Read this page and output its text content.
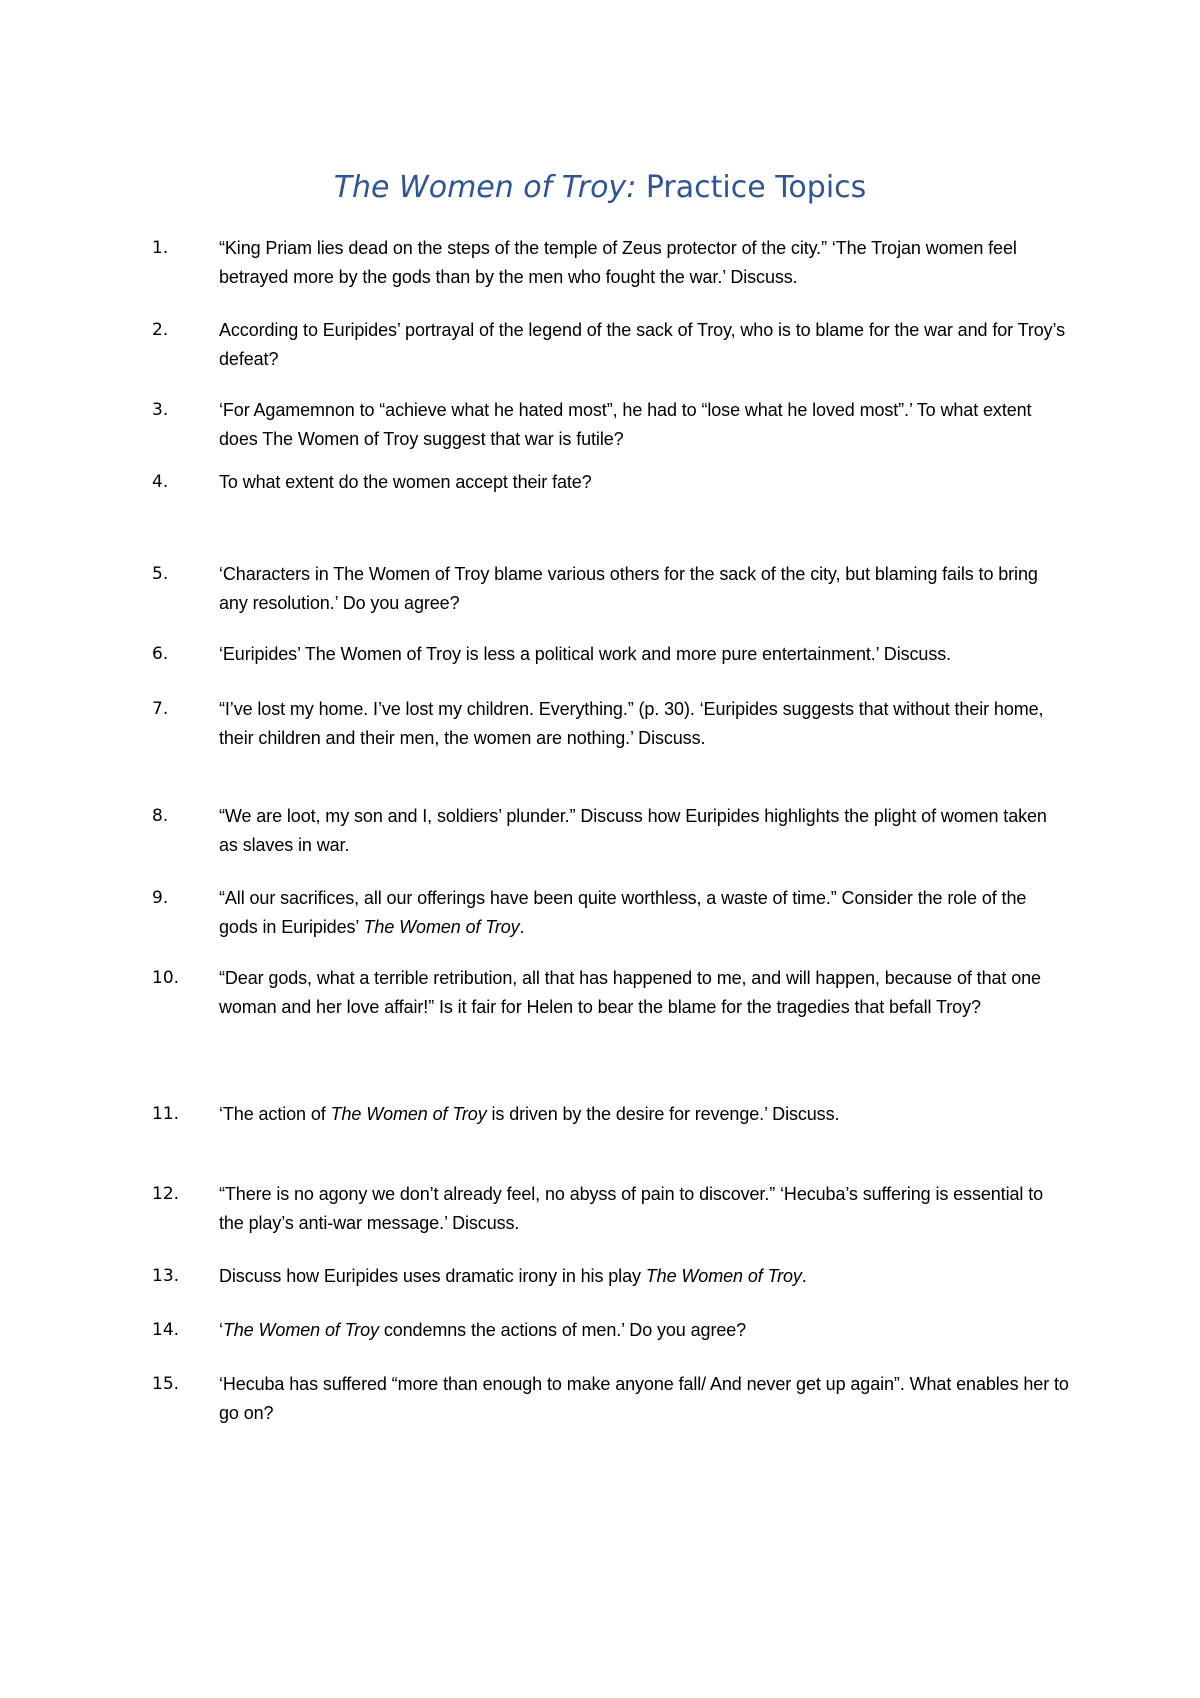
The Women of Troy: Practice Topics
1.	“King Priam lies dead on the steps of the temple of Zeus protector of the city.” ‘The Trojan women feel betrayed more by the gods than by the men who fought the war.’ Discuss.
2.	According to Euripides’ portrayal of the legend of the sack of Troy, who is to blame for the war and for Troy’s defeat?
3.	‘For Agamemnon to “achieve what he hated most”, he had to “lose what he loved most”.’ To what extent does The Women of Troy suggest that war is futile?
4.	To what extent do the women accept their fate?
5.	‘Characters in The Women of Troy blame various others for the sack of the city, but blaming fails to bring any resolution.’ Do you agree?
6.	‘Euripides’ The Women of Troy is less a political work and more pure entertainment.’ Discuss.
7.	“I’ve lost my home. I’ve lost my children. Everything.” (p. 30). ‘Euripides suggests that without their home, their children and their men, the women are nothing.’ Discuss.
8.	“We are loot, my son and I, soldiers’ plunder.” Discuss how Euripides highlights the plight of women taken as slaves in war.
9.	“All our sacrifices, all our offerings have been quite worthless, a waste of time.” Consider the role of the gods in Euripides’ The Women of Troy.
10.	“Dear gods, what a terrible retribution, all that has happened to me, and will happen, because of that one woman and her love affair!” Is it fair for Helen to bear the blame for the tragedies that befall Troy?
11.	‘The action of The Women of Troy is driven by the desire for revenge.’ Discuss.
12.	“There is no agony we don’t already feel, no abyss of pain to discover.” ‘Hecuba’s suffering is essential to the play’s anti-war message.’ Discuss.
13.	Discuss how Euripides uses dramatic irony in his play The Women of Troy.
14.	‘The Women of Troy condemns the actions of men.’ Do you agree?
15.	‘Hecuba has suffered “more than enough to make anyone fall/ And never get up again”. What enables her to go on?
